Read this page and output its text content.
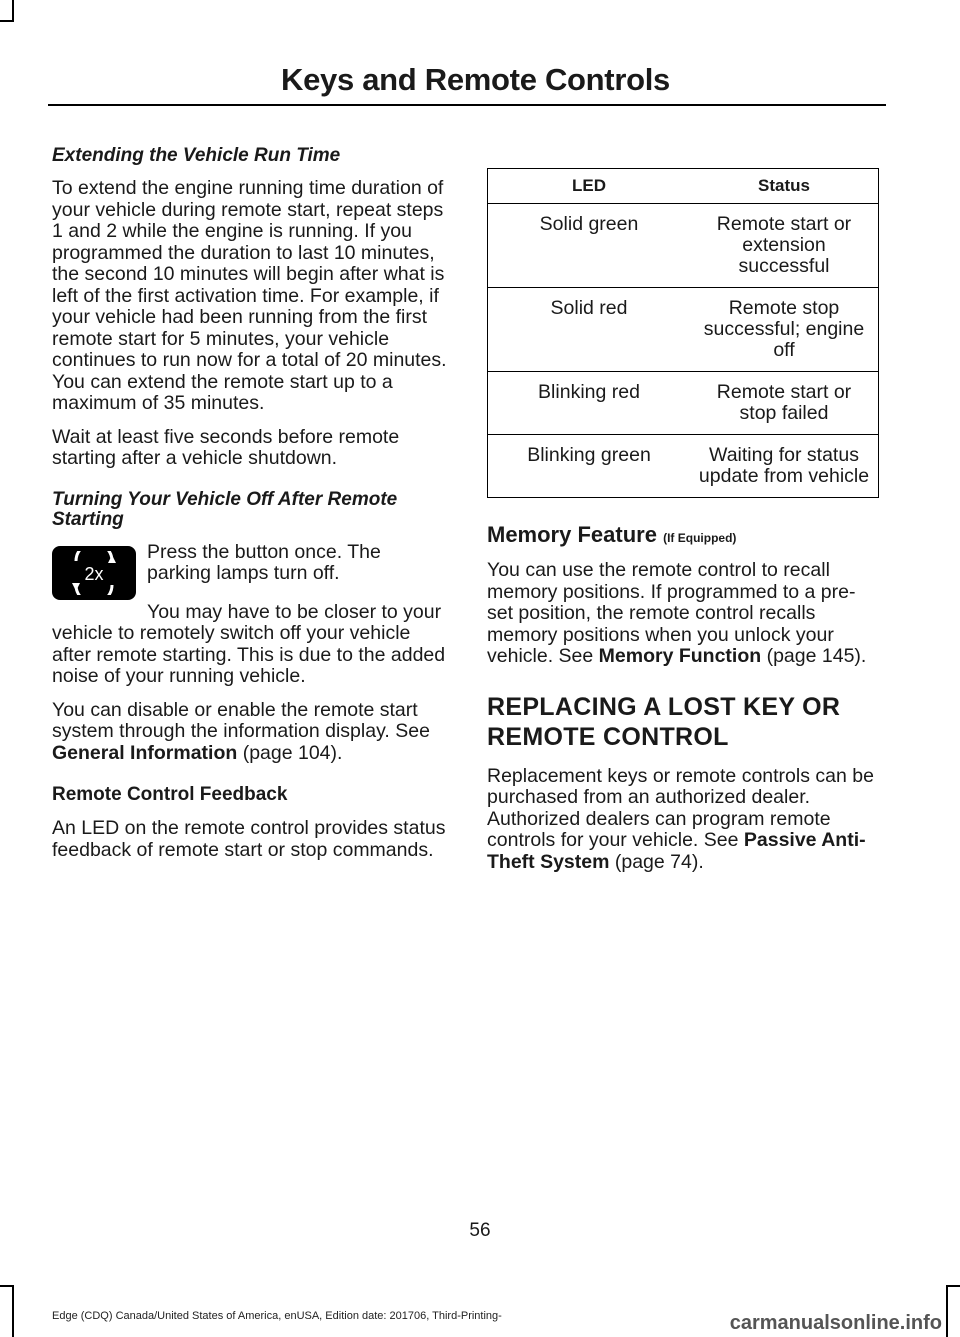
Keys and Remote Controls
Extending the Vehicle Run Time

To extend the engine running time duration of your vehicle during remote start, repeat steps 1 and 2 while the engine is running. If you programmed the duration to last 10 minutes, the second 10 minutes will begin after what is left of the first activation time. For example, if your vehicle had been running from the first remote start for 5 minutes, your vehicle continues to run now for a total of 20 minutes. You can extend the remote start up to a maximum of 35 minutes.

Wait at least five seconds before remote starting after a vehicle shutdown.

Turning Your Vehicle Off After Remote Starting
2x

Press the button once. The parking lamps turn off.

You may have to be closer to your vehicle to remotely switch off your vehicle after remote starting. This is due to the added noise of your running vehicle.

You can disable or enable the remote start system through the information display. See General Information (page 104).

Remote Control Feedback

An LED on the remote control provides status feedback of remote start or stop commands.

LED	Status
Solid green	Remote start or extension successful
Solid red	Remote stop successful; engine off
Blinking red	Remote start or stop failed
Blinking green	Waiting for status update from vehicle
Memory Feature (If Equipped)

You can use the remote control to recall memory positions. If programmed to a pre-set position, the remote control recalls memory positions when you unlock your vehicle. See Memory Function (page 145).

REPLACING A LOST KEY OR REMOTE CONTROL

Replacement keys or remote controls can be purchased from an authorized dealer. Authorized dealers can program remote controls for your vehicle. See Passive Anti-Theft System (page 74).

56
Edge (CDQ) Canada/United States of America, enUSA, Edition date: 201706, Third-Printing-	carmanualsonline.info
